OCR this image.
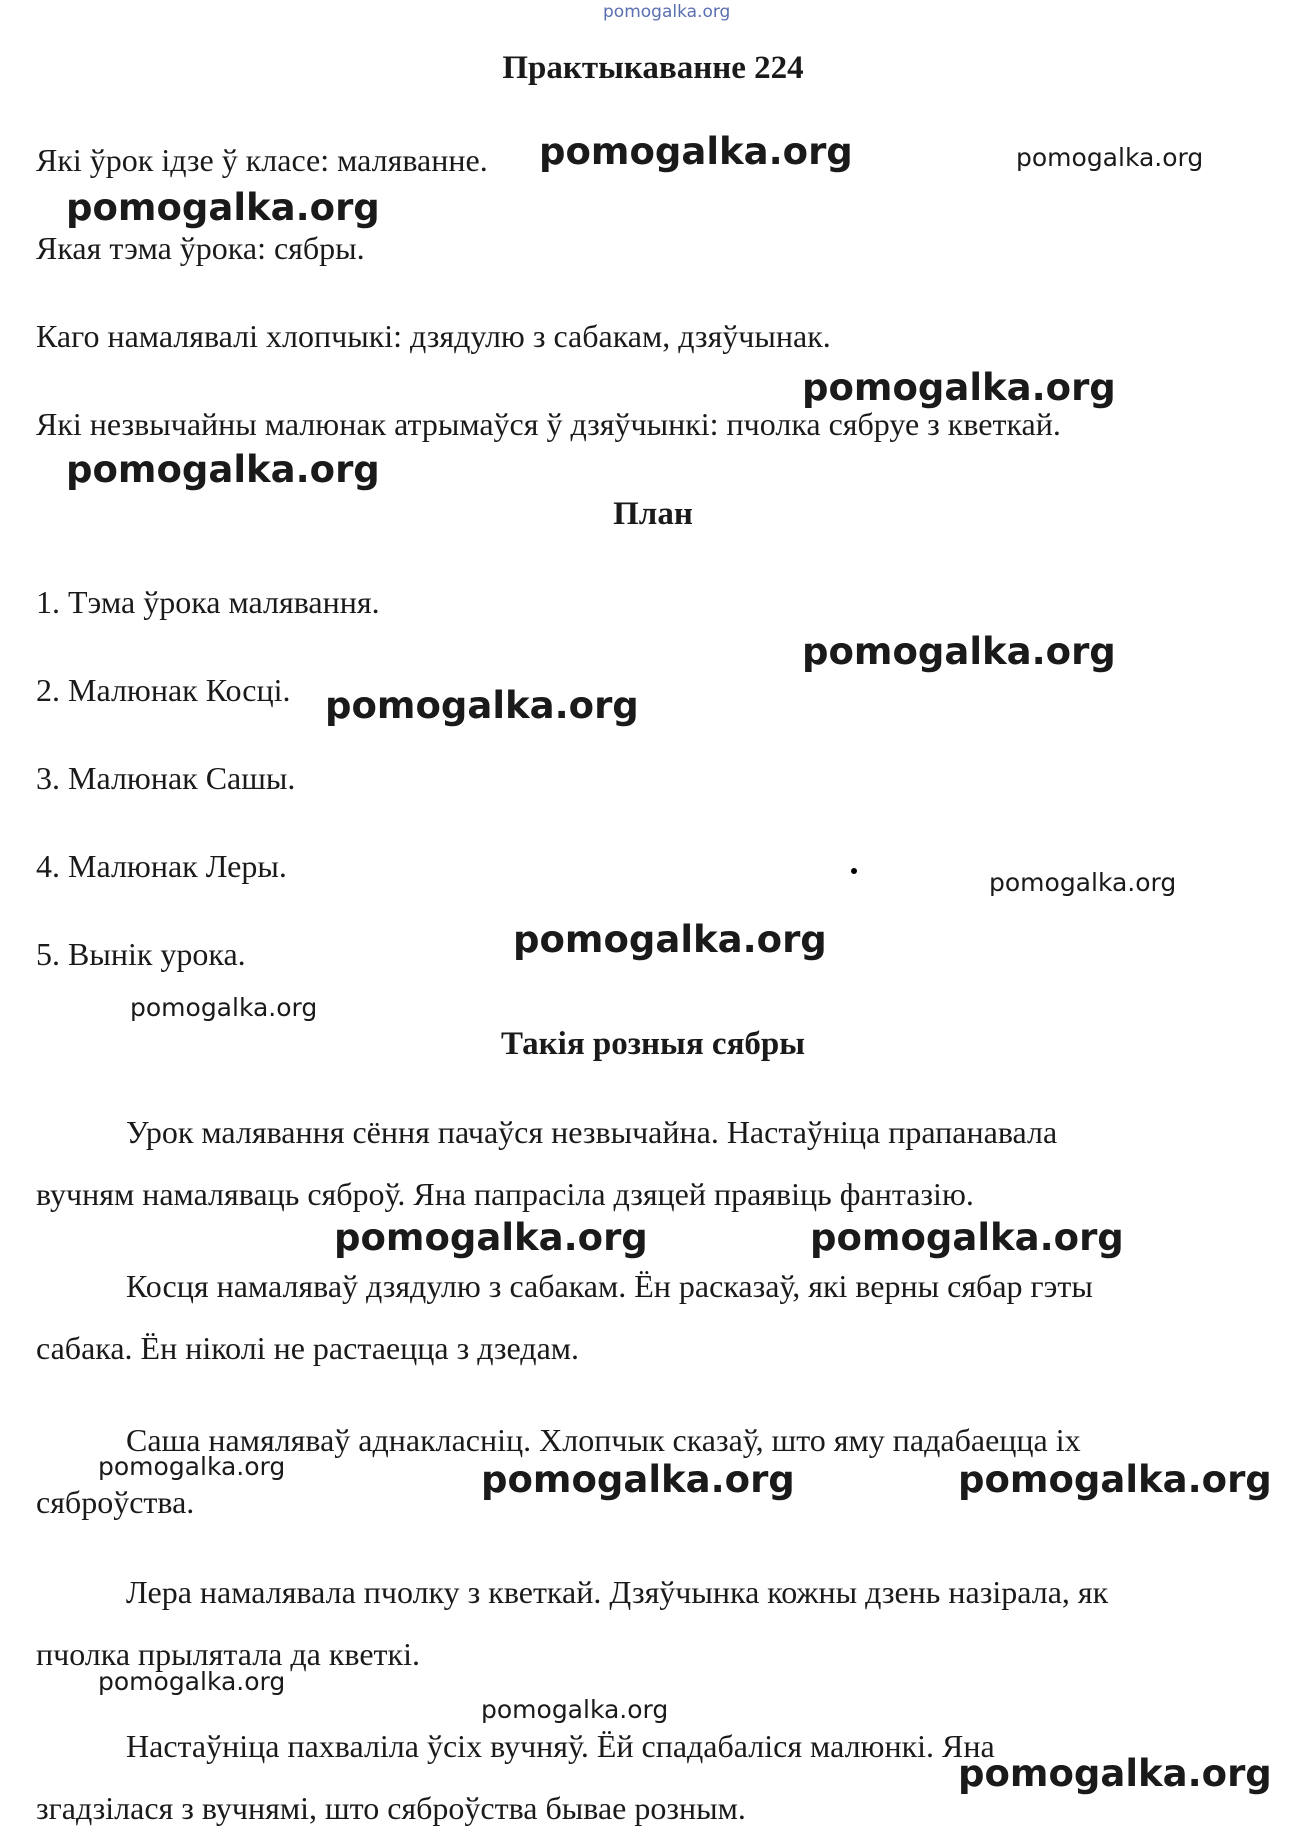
pomogalka.org
Практыкаванне 224
Які ўрок ідзе ў класе: маляванне.
Якая тэма ўрока: сябры.
Каго намалявалі хлопчыкі: дзядулю з сабакам, дзяўчынак.
Які незвычайны малюнак атрымаўся ў дзяўчынкі: пчолка сябруе з кветкай.
План
1. Тэма ўрока малявання.
2. Малюнак Косці.
3. Малюнак Сашы.
4. Малюнак Леры.
5. Вынік урока.
Такія розныя сябры
Урок малявання сёння пачаўся незвычайна. Настаўніца прапанавала
вучням намаляваць сяброў. Яна папрасіла дзяцей праявіць фантазію.
Косця намаляваў дзядулю з сабакам. Ён расказаў, які верны сябар гэты
сабака. Ён ніколі не растаецца з дзедам.
Саша намяляваў аднакласніц. Хлопчык сказаў, што яму падабаецца іх
сяброўства.
Лера намалявала пчолку з кветкай. Дзяўчынка кожны дзень назірала, як
пчолка прылятала да кветкі.
Настаўніца пахваліла ўсіх вучняў. Ёй спадабаліся малюнкі. Яна
згадзілася з вучнямі, што сяброўства бывае розным.
pomogalka.org	pomogalka.org
pomogalka.org
pomogalka.org
pomogalka.org
pomogalka.org
pomogalka.org
pomogalka.org
pomogalka.org
pomogalka.org
pomogalka.org	pomogalka.org
pomogalka.org	pomogalka.org	pomogalka.org
pomogalka.org
pomogalka.org
pomogalka.org
